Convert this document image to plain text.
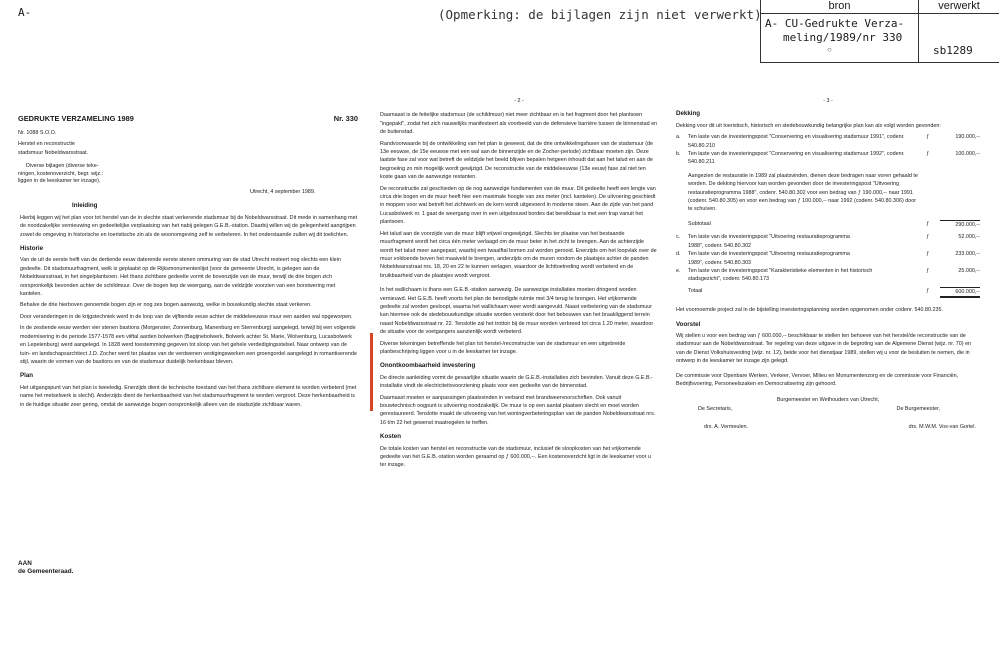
A-	(Opmerking: de bijlagen zijn niet verwerkt)
bron	verwerkt
A- CU-Gedrukte Verza-
meling/1989/nr 330
○	sb1289
GEDRUKTE VERZAMELING 1989	Nr. 330
Nr. 1088 S.O.O.
Herstel en reconstructie
stadsmuur Nobeldwarsstraat.
Diverse bijlagen (diverse teke-
ningen, kostenoverzicht, begr. wijz.:
liggen in de leeskamer ter inzage).
Utrecht, 4 september 1989.
Inleiding

Hierbij leggen wij het plan voor tot herstel van de in slechte staat verkerende stadsmuur bij de Nobeldwarsstraat. Dit mede in samenhang met de noodzakelijke vernieuwing en gedeeltelijke verplaatsing van het nabij gelegen G.E.B.-station. Daarbij willen wij de gelegenheid aangrijpen zowel de omgeving in historische en toeristische zin als de woonomgeving zelf te verbeteren. In het onderstaande zullen wij dit toelichten.

Historie

Van de uit de eerste helft van de dertiende eeuw daterende eerste stenen ommuring van de stad Utrecht resteert nog slechts een klein gedeelte. Dit stadsmuurfragment, welk is geplaatst op de Rijksmonumentenlijst (voor de gemeente Utrecht, is gelegen aan de Nobeldwarsstraat, in het singelplantsoen. Het thans zichtbare gedeelte vormt de bovenzijde van de muur, terwijl de drie bogen zich oorspronkelijk bevonden achter de schildmuur. Over de bogen liep de weergang, aan de veldzijde voorzien van een borstwering met kantelen.

Behalve de drie hierboven genoemde bogen zijn er nog zes bogen aanwezig, welke in bouwkundig slechte staat verkeren.

Door veranderingen in de krijgstechniek werd in de loop van de vijftiende eeuw achter de middeleeuwse muur een aarden wal opgeworpen.

In de zestiende eeuw werden vier stenen bastions (Morgenster, Zonnenburg, Manenburg en Sterrenburg) aangelegd, terwijl bij een volgende modernisering in de periode 1577-1578 een viiftal aarden bolwerken (Bagijnebolwerk, Bolwerk achter St. Marie, Wolvenburg, Lucasbolwerk en Lepelenburg) werd aangelegd. In 1828 werd toestemming gegeven tot sloop van het gehele verdedigingsstelsel. Naar ontwerp van de tuin- en landschapsarchitect J.D. Zocher werd ter plaatse van de verdwenen vestigingswerken een groengordel aangelegd in romantiserende stijl, waarin de vormen van de bastions en van de stadsmuur duidelijk herkenbaar bleven.

Plan

Het uitgangspunt van het plan is tweeledig. Enerzijds dient de technische toestand van het thans zichtbare element te worden verbeterd (met name het metselwerk is slecht). Anderzijds dient de herkenbaarheid van het stadsmuurfragment te worden vergroot. Deze herkenbaarheid is in de huidige situatie zeer gering, omdat de aanwezige bogen oorspronkelijk alleen van de stadszijde zichtbaar waren.

AAN
de Gemeenteraad.
- 2 -

Daarnaast is de feitelijke stadsmuur (de schildmuur) niet meer zichtbaar en is het fragment door het plantsoen "ingepakt", zodat het zich nauwelijks manifesteert als voorbeeld van de defensieve barrière tussen de binnenstad en de buitenstad.

Randvoorwaarde bij de ontwikkeling van het plan is geweest, dat de drie ontwikkelingsfasen van de stadsmuur (de 13e eeuwse, de 15e eeuwse met een wal aan de binnenzijde en de Zocher-periode) zichtbaar moeten zijn. Deze laatste fase zal voor wat betreft de veldzijde het beeld blijven bepalen hetgeen inhoudt dat aan het talud en aan de begroeiing zo min mogelijk wordt gewijzigd. De reconstructie van de middeleeuwse (13e eeuw) fase zal niet ten koste gaan van de aanwezige restanten.

De reconstructie zal geschieden op de nog aanwezige fundamenten van de muur. Dit gedeelte heeft een lengte van circa drie bogen en de muur heeft hier een maximale hoogte van zes meter (incl. kantelen). De uitvoering geschiedt in moppen voor wat betreft het zichtwerk en de kern wordt uitgevoerd in moderne steen. Aan de zijde van het pand Lucasbolwerk nr. 1 gaat de weergang over in een uitgebouwd bordes dat bereikbaar is met een trap vanuit het plantsoen.

Het talud aan de voorzijde van de muur blijft vrijwel ongewijzigd. Slechts ter plaatse van het bestaande muurfragment wordt het circa één meter verlaagd om de muur beter in het zicht te brengen. Aan de achterzijde wordt het talud meer aangepast, waarbij een twaalftal bomen zal worden gerooid. Enerzijds om het loopvlak over de muur voldoende boven het maaiveld te brengen, anderzijds om de muren rondom de plaatsjes achter de panden Nobeldwarsstraat nrs. 18, 20 en 22 te kunnen verlagen, waardoor de lichttoetreding wordt verbeterd en de bruikbaarheid van de plaatsjes wordt vergroot.

In het wallichaam is thans een G.E.B.-station aanwezig. De aanwezige installaties moeten dringend worden vernieuwd. Het G.E.B. heeft voorts het plan de benodigde ruimte met 3/4 terug te brengen. Het vrijkomende gedeelte zal worden gesloopt, waarna het wallichaam weer wordt aangevuld. Naast verbetering van de stadsmuur kan hiermee ook de stedebouwkundige situatie worden versterkt door het bebouwen van het braakliggend terrein naast Nobeldwarsstraat nr. 22. Tenslotte zal het trottoir bij de muur worden verbreed tot circa 1.20 meter, waardoor de situatie voor de voetgangers aanzienlijk wordt verbeterd.

Diverse tekeningen betreffende het plan tot herstel-/reconstructie van de stadsmuur en een uitgebreide planbeschrijving liggen voor u in de leeskamer ter inzage.

Onontkoombaarheid investering

De directe aanleiding vormt de gevaarlijke situatie waarin de G.E.B.-installaties zich bevinden. Vanuit deze G.E.B.-installatie vindt de electriciteitsvoorziening plaats voor een gedeelte van de binnenstad.

Daarnaast moeten er aanpassingen plaatsvinden in verband met brandweervoorschriften. Ook vanuit bouwtechnisch oogpunt is uitvoering noodzakelijk. De muur is op een aantal plaatsen slecht en moet worden gerestaureerd. Tenslotte maakt de uitvoering van het woningverbeteringsplan van de panden Nobeldwarsstraat nrs. 16 t/m 22 het gewenst maatregelen te treffen.

Kosten

De totale kosten van herstel en reconstructie van de stadsmuur, inclusief de sloopkosten van het vrijkomende gedeelte van het G.E.B.-station worden geraamd op ƒ 600.000,--. Een kostenoverzicht ligt in de leeskamer voor u ter inzage.

- 3 -
Dekking

Dekking voor dit uit toeristisch, historisch en stedebouwkundig belangrijke plan kan als volgt worden gevonden:

a.	Ten laste van de investeringspost "Conservering en visualisering stadsmuur 1991", codenr. 540.80.210
ƒ	190.000,--
b.	Ten laste van de investeringspost "Conservering en visualisering stadsmuur 1992", codenr. 540.80.211
ƒ	100.000,--

Aangezien de restauratie in 1989 zal plaatsvinden, dienen deze bedragen naar voren gehaald te worden. De dekking hiervoor kan worden gevonden door de investeringspost "Uitvoering restauratieprogramma 1988", codenr. 540.80.302 voor een bedrag van ƒ 190.000,-- naar 1991 (codenr. 540.80.305) en voor een bedrag van ƒ 100.000,-- naar 1992 (codenr. 540.80.306) door te schuiven.

Subtotaal	ƒ	290.000,--
c.	Ten laste van de investeringspost "Uitvoering restauratieprogramma 1988", codenr. 540.80.302
ƒ	52.000,--
d.	Ten laste van de investeringspost "Uitvoering restauratieprogramma 1989", codenr. 540.80.303
ƒ	233.000,--
e.	Ten laste van de investeringspost "Karakteristieke elementen in het historisch stadsgezicht", codenr. 540.80.173
ƒ	25.000,--
Totaal	ƒ	600.000,--

Het voornoemde project zal in de bijstelling investeringsplanning worden opgenomen onder codenr. 540.80.235.

Voorstel

Wij stellen u voor een bedrag van ƒ 600.000,-- beschikbaar te stellen ten behoeve van het herstel/de reconstructie van de stadsmuur aan de Nobeldwarsstraat. Ter regeling van deze uitgave in de begroting van de Algemene Dienst (wijz. nr. 70) en van de Dienst Volkshuisvesting (wijz. nr. 12), beide voor het dienstjaar 1989, stellen wij u voor de besluiten te nemen, die in ontwerp in de leeskamer ter inzage zijn gelegd.

De commissie voor Openbare Werken, Verkeer, Vervoer, Milieu en Monumentenzorg en de commissie voor Financiën, Bedrijfsvoering, Personeelszaken en Democratisering zijn gehoord.

Burgemeester en Wethouders van Utrecht,
De Secretaris,	De Burgemeester,
drs. A. Vermeulen.	drs. M.W.M. Vos-van Gortel.
